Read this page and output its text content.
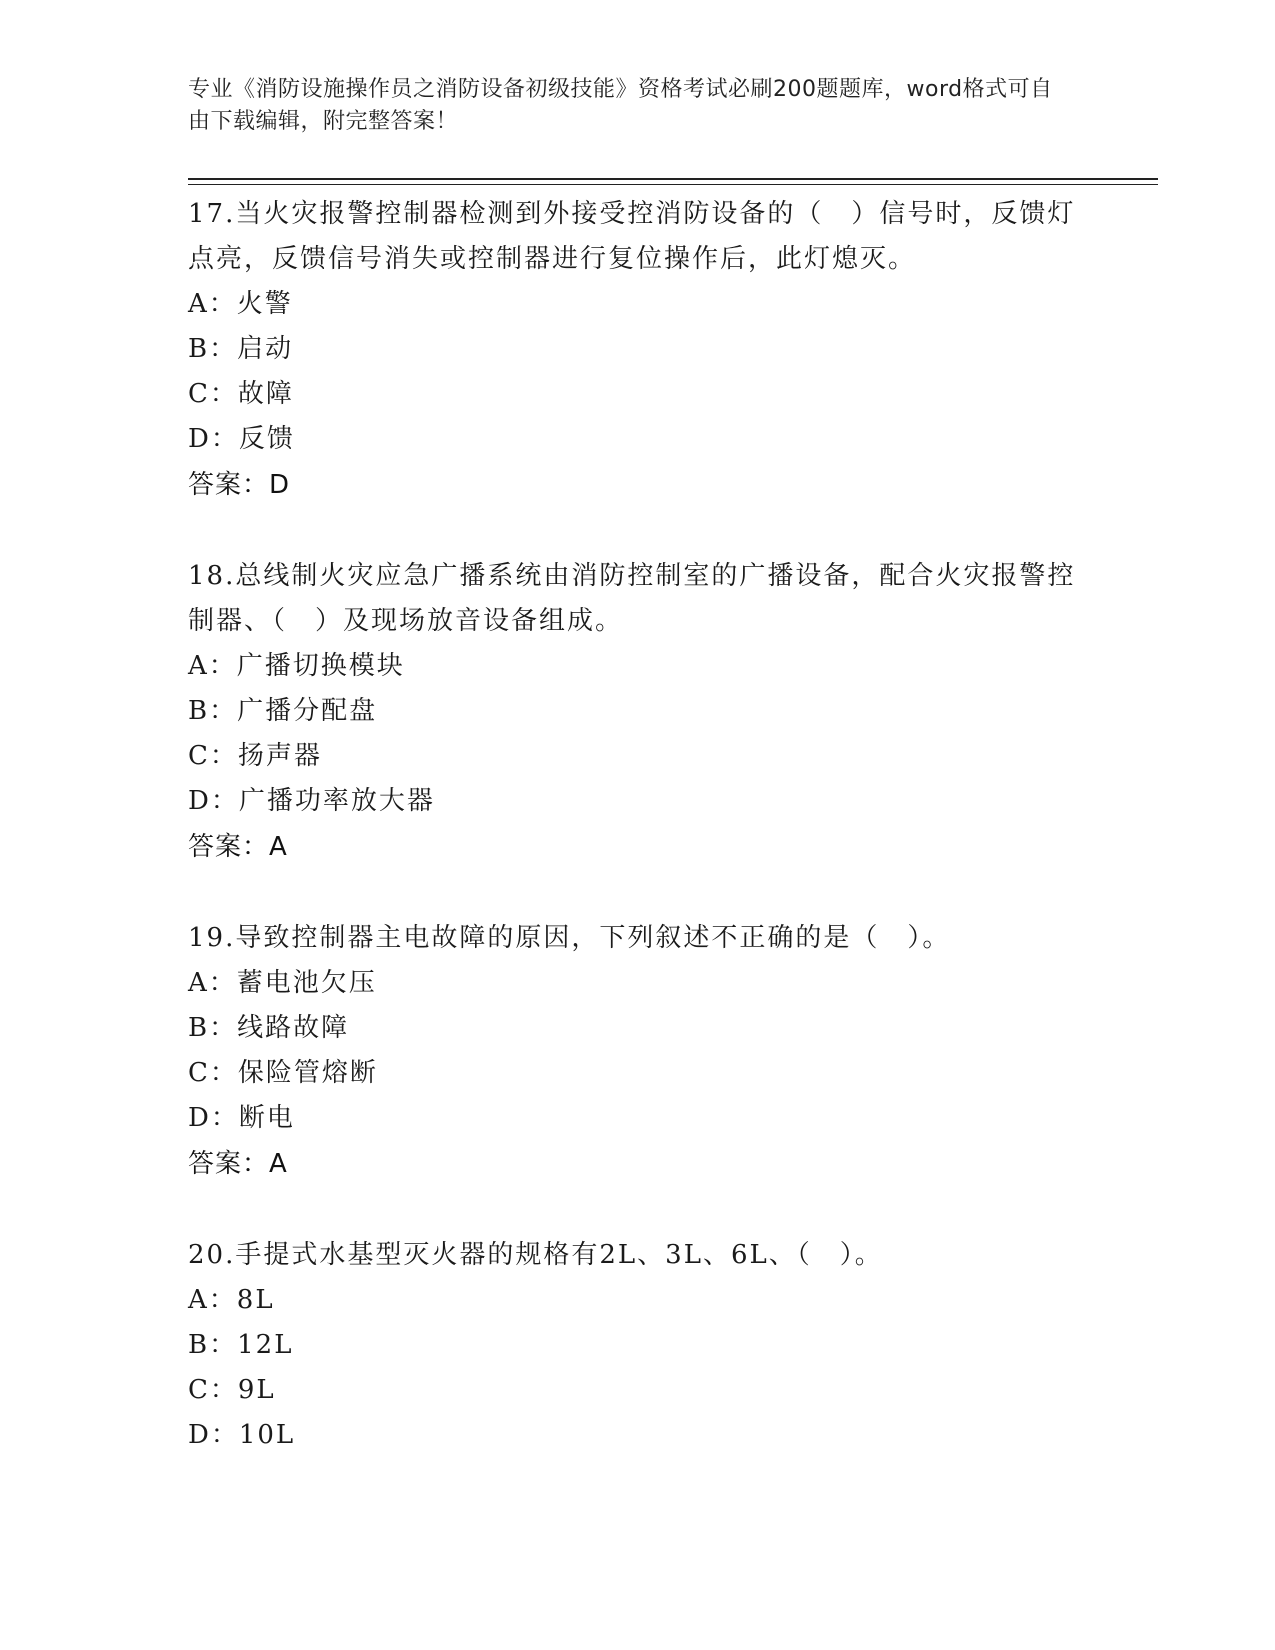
专业《消防设施操作员之消防设备初级技能》资格考试必刷200题题库，word格式可自由下载编辑，附完整答案！

17.当火灾报警控制器检测到外接受控消防设备的（　）信号时，反馈灯点亮，反馈信号消失或控制器进行复位操作后，此灯熄灭。

A：火警

B：启动

C：故障

D：反馈

答案：D

18.总线制火灾应急广播系统由消防控制室的广播设备，配合火灾报警控制器、（　）及现场放音设备组成。

A：广播切换模块

B：广播分配盘

C：扬声器

D：广播功率放大器

答案：A

19.导致控制器主电故障的原因，下列叙述不正确的是（　）。

A：蓄电池欠压

B：线路故障

C：保险管熔断

D：断电

答案：A

20.手提式水基型灭火器的规格有2L、3L、6L、（　）。

A：8L

B：12L

C：9L

D：10L
